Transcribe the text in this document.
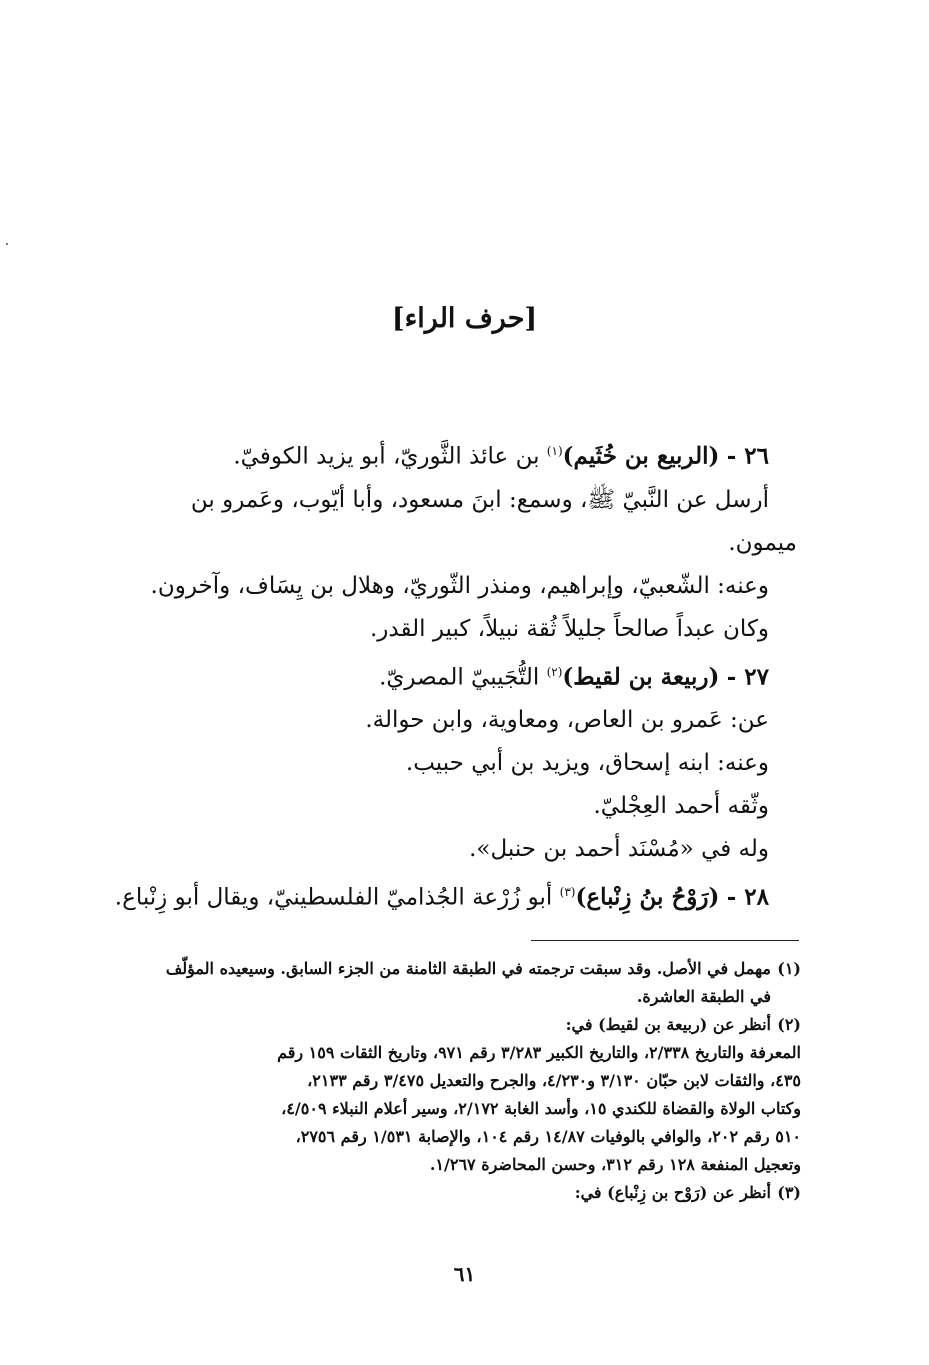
[حرف الراء]
٢٦ - (الربيع بن خُثَيم)$^{(١)}$ بن عائذ الثَّوريّ، أبو يزيد الكوفيّ.
أرسل عن النَّبيّ ﷺ، وسمع: ابنَ مسعود، وأبا أيّوب، وعَمرو بن
ميمون.
وعنه: الشّعبيّ، وإبراهيم، ومنذر الثّوريّ، وهلال بن يِسَاف، وآخرون.
وكان عبداً صالحاً جليلاً ثُقة نبيلاً، كبير القدر.
٢٧ - (ربيعة بن لقيط)$^{(٢)}$ التُّجَيبيّ المصريّ.
عن: عَمرو بن العاص، ومعاوية، وابن حوالة.
وعنه: ابنه إسحاق، ويزيد بن أبي حبيب.
وثّقه أحمد العِجْليّ.
وله في «مُسْنَد أحمد بن حنبل».
٢٨ - (رَوْحُ بنُ زِنْباع)$^{(٣)}$ أبو زُرْعة الجُذاميّ الفلسطينيّ، ويقال أبو زِنْباع.
(١)مهمل في الأصل. وقد سبقت ترجمته في الطبقة الثامنة من الجزء السابق. وسيعيده المؤلّف
في الطبقة العاشرة.
(٢)أنظر عن (ربيعة بن لقيط) في:
المعرفة والتاريخ ٢/٣٣٨، والتاريخ الكبير ٣/٢٨٣ رقم ٩٧١، وتاريخ الثقات ١٥٩ رقم
٤٣٥، والثقات لابن حبّان ٣/١٣٠ و٤/٢٣٠، والجرح والتعديل ٣/٤٧٥ رقم ٢١٣٣،
وكتاب الولاة والقضاة للكندي ١٥، وأسد الغابة ٢/١٧٢، وسير أعلام النبلاء ٤/٥٠٩،
٥١٠ رقم ٢٠٢، والوافي بالوفيات ١٤/٨٧ رقم ١٠٤، والإصابة ١/٥٣١ رقم ٢٧٥٦،
وتعجيل المنفعة ١٢٨ رقم ٣١٢، وحسن المحاضرة ١/٢٦٧.
(٣)أنظر عن (رَوْح بن زِنْباع) في:
٦١
